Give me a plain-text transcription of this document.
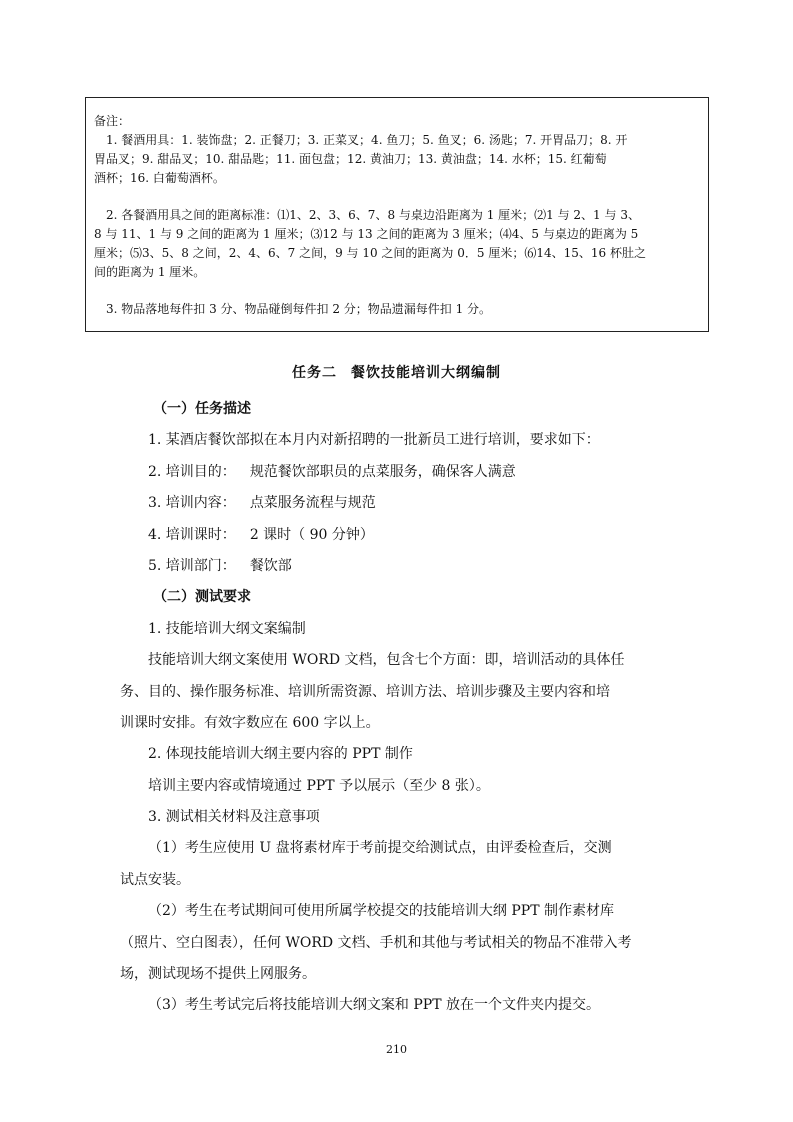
备注：

1. 餐酒用具：1. 装饰盘；2. 正餐刀；3. 正菜叉；4. 鱼刀；5. 鱼叉；6. 汤匙；7. 开胃品刀；8. 开

胃品叉；9. 甜品叉；10. 甜品匙；11. 面包盘；12. 黄油刀；13. 黄油盘；14. 水杯；15. 红葡萄

酒杯；16. 白葡萄酒杯。

2. 各餐酒用具之间的距离标准：⑴1、2、3、6、7、8 与桌边沿距离为 1 厘米；⑵1 与 2、1 与 3、

8 与 11、1 与 9 之间的距离为 1 厘米；⑶12 与 13 之间的距离为 3 厘米；⑷4、5 与桌边的距离为 5

厘米；⑸3、5、8 之间，2、4、6、7 之间，9 与 10 之间的距离为 0．5 厘米；⑹14、15、16 杯肚之

间的距离为 1 厘米。

3. 物品落地每件扣 3 分、物品碰倒每件扣 2 分；物品遗漏每件扣 1 分。

任务二 餐饮技能培训大纲编制
（一）任务描述
1. 某酒店餐饮部拟在本月内对新招聘的一批新员工进行培训，要求如下：
2. 培训目的： 规范餐饮部职员的点菜服务，确保客人满意
3. 培训内容： 点菜服务流程与规范
4. 培训课时： 2 课时（ 90 分钟）
5. 培训部门： 餐饮部
（二）测试要求
1. 技能培训大纲文案编制
技能培训大纲文案使用 WORD 文档，包含七个方面：即，培训活动的具体任
务、目的、操作服务标准、培训所需资源、培训方法、培训步骤及主要内容和培
训课时安排。有效字数应在 600 字以上。
2. 体现技能培训大纲主要内容的 PPT 制作
培训主要内容或情境通过 PPT 予以展示（至少 8 张）。
3. 测试相关材料及注意事项
（1）考生应使用 U 盘将素材库于考前提交给测试点，由评委检查后，交测
试点安装。
（2）考生在考试期间可使用所属学校提交的技能培训大纲 PPT 制作素材库
（照片、空白图表），任何 WORD 文档、手机和其他与考试相关的物品不准带入考
场，测试现场不提供上网服务。
（3）考生考试完后将技能培训大纲文案和 PPT 放在一个文件夹内提交。
210
